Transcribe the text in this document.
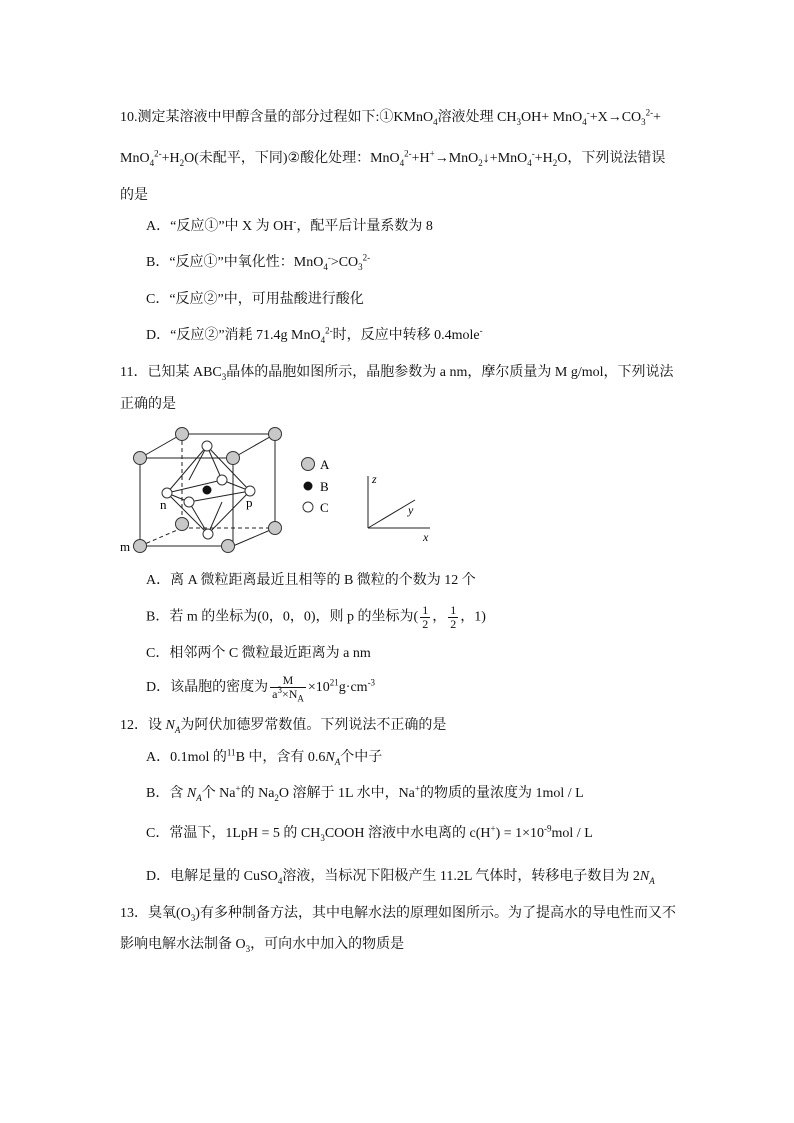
10.测定某溶液中甲醇含量的部分过程如下:①KMnO$_4$溶液处理 $CH_3OH+ MnO_4^-+X\to CO_3^{2-}+$
$MnO_4^{2-}+H_2O$(未配平，下同)②酸化处理：$MnO_4^{2-}+H^+\to MnO_2↓+MnO_4^-+H_2O$，下列说法错误
的是
A．“反应①”中 X 为 OH-，配平后计量系数为 8
B．“反应①”中氧化性：$MnO_4^->CO_3^{2-}$
C．“反应②”中，可用盐酸进行酸化
D．“反应②”消耗 71.4g MnO$_4^{2-}$时，反应中转移 0.4mole-
11．已知某 $ABC_3$晶体的晶胞如图所示，晶胞参数为 a nm，摩尔质量为 M g/mol，下列说法
正确的是
m
n	p
A
B
C
z
y
x
A．离 A 微粒距离最近且相等的 B 微粒的个数为 12 个
B．若 m 的坐标为(0，0，0)，则 p 的坐标为( $\frac{1}{2}$ ， $\frac{1}{2}$ ，1)
C．相邻两个 C 微粒最近距离为 a nm
D．该晶胞的密度为 $\frac{M}{a^3\times N_A} \times 10^{21}g\cdot cm^{-3}$
12．设 $N_A$为阿伏加德罗常数值。下列说法不正确的是
A．0.1mol 的$^{11}$B 中，含有 $0.6N_A$个中子
B．含 $N_A$个 Na+的 $Na_2O$ 溶解于 1L 水中，Na+的物质的量浓度为 1mol / L
C．常温下，1LpH = 5 的 $CH_3COOH$ 溶液中水电离的 $c(H^+) = 1\times 10^{-9}mol / L$
D．电解足量的 CuSO$_4$溶液，当标况下阳极产生 11.2L 气体时，转移电子数目为 $2N_A$
13．臭氧$(O_3)$有多种制备方法，其中电解水法的原理如图所示。为了提高水的导电性而又不
影响电解水法制备 $O_3$，可向水中加入的物质是
